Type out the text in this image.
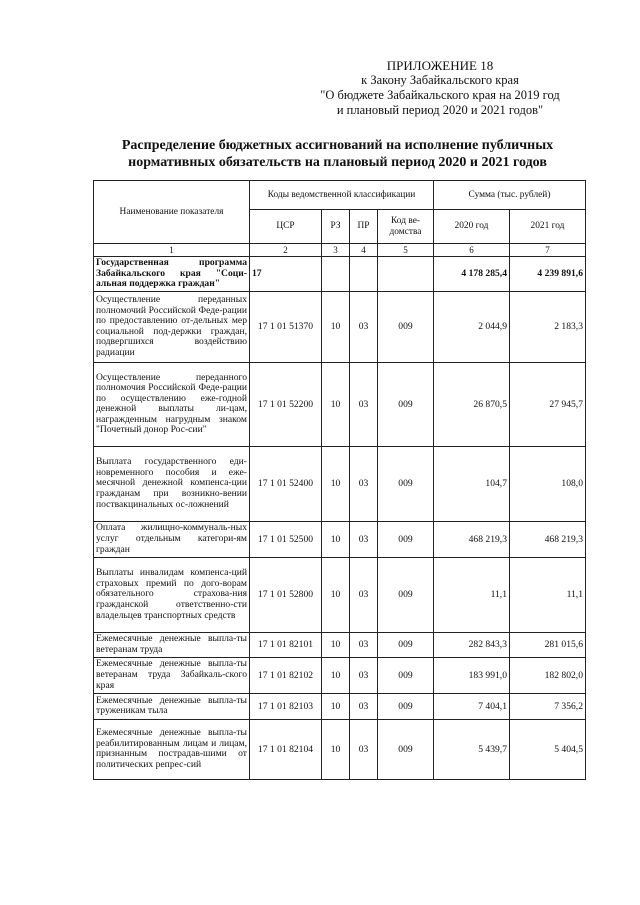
ПРИЛОЖЕНИЕ 18
к Закону Забайкальского края
"О бюджете Забайкальского края на 2019 год
и плановый период 2020 и 2021 годов"
Распределение бюджетных ассигнований на исполнение публичных
нормативных обязательств на плановый период 2020 и 2021 годов
Наименование показателя	Коды ведомственной классификации				Сумма (тыс. рублей)	
	ЦСР	РЗ	ПР	Код ве-домства	2020 год	2021 год
1	2	3	4	5	6	7
Государственная программа Забайкальского края "Соци-альная поддержка граждан"	17				4 178 285,4	4 239 891,6
Осуществление переданных полномочий Российской Феде-рации по предоставлению от-дельных мер социальной под-держки граждан, подвергшихся воздействию радиации	17 1 01 51370	10	03	009	2 044,9	2 183,3
Осуществление переданного полномочия Российской Феде-рации по осуществлению еже-годной денежной выплаты ли-цам, награжденным нагрудным знаком "Почетный донор Рос-сии"	17 1 01 52200	10	03	009	26 870,5	27 945,7
Выплата государственного еди-новременного пособия и еже-месячной денежной компенса-ции гражданам при возникно-вении поствакцинальных ос-ложнений	17 1 01 52400	10	03	009	104,7	108,0
Оплата жилищно-коммуналь-ных услуг отдельным категори-ям граждан	17 1 01 52500	10	03	009	468 219,3	468 219,3
Выплаты инвалидам компенса-ций страховых премий по дого-ворам обязательного страхова-ния гражданской ответственно-сти владельцев транспортных средств	17 1 01 52800	10	03	009	11,1	11,1
Ежемесячные денежные выпла-ты ветеранам труда	17 1 01 82101	10	03	009	282 843,3	281 015,6
Ежемесячные денежные выпла-ты ветеранам труда Забайкаль-ского края	17 1 01 82102	10	03	009	183 991,0	182 802,0
Ежемесячные денежные выпла-ты труженикам тыла	17 1 01 82103	10	03	009	7 404,1	7 356,2
Ежемесячные денежные выпла-ты реабилитированным лицам и лицам, признанным пострадав-шими от политических репрес-сий	17 1 01 82104	10	03	009	5 439,7	5 404,5
